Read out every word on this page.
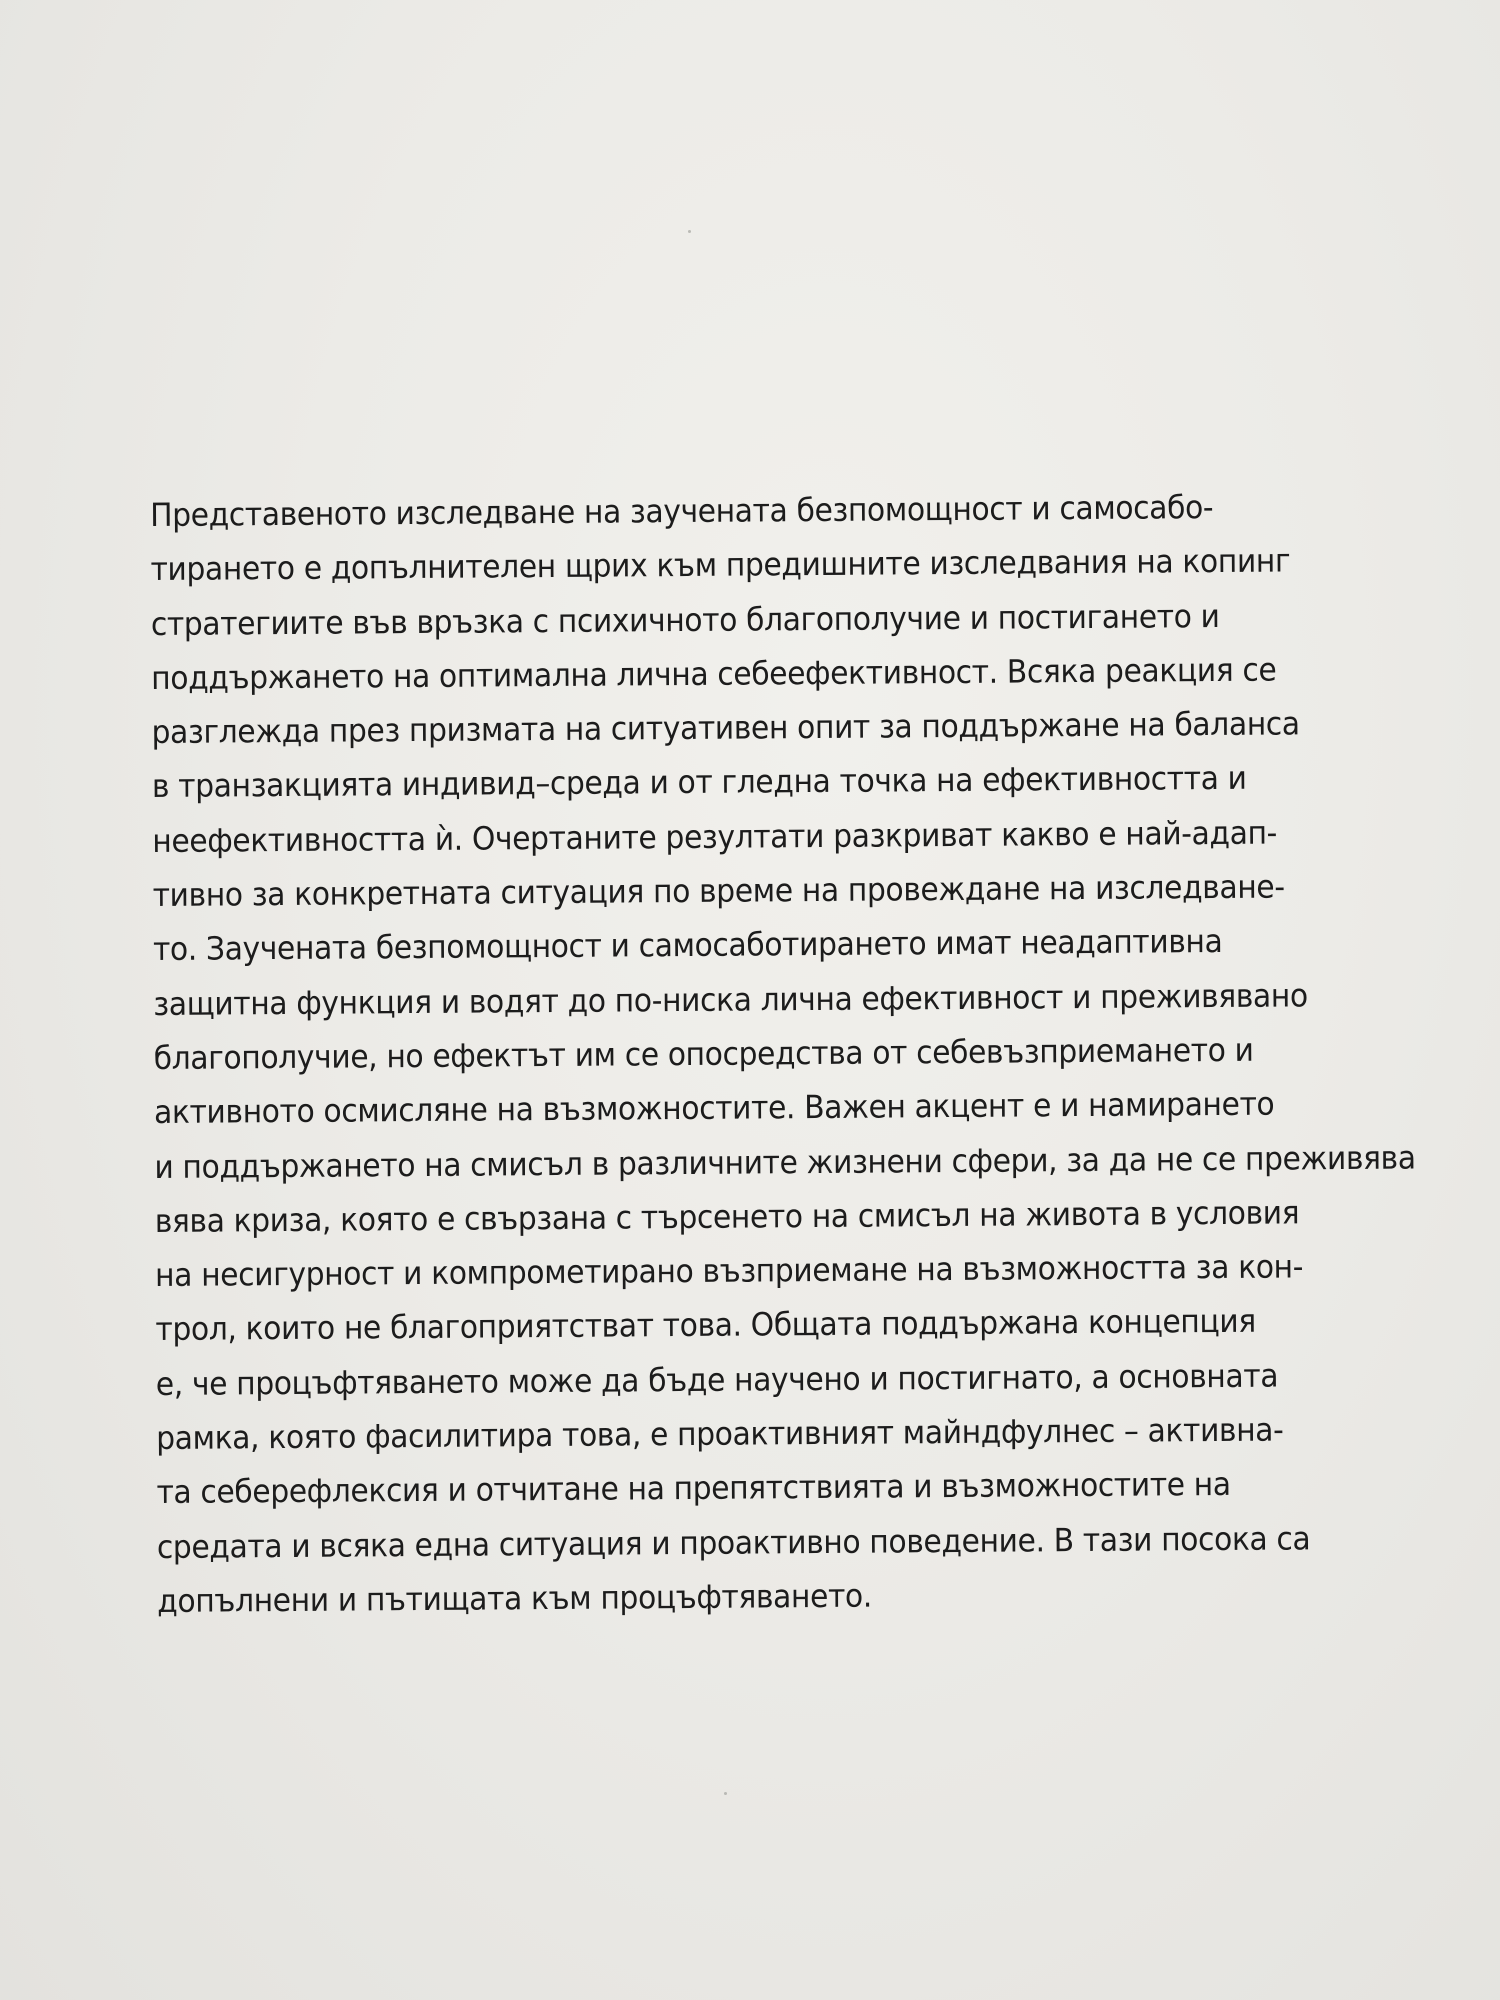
Представеното изследване на заучената безпомощност и самосабо-
тирането е допълнителен щрих към предишните изследвания на копинг
стратегиите във връзка с психичното благополучие и постигането и
поддържането на оптимална лична себеефективност. Всяка реакция се
разглежда през призмата на ситуативен опит за поддържане на баланса
в транзакцията индивид–среда и от гледна точка на ефективността и
неефективността ѝ. Очертаните резултати разкриват какво е най-адап-
тивно за конкретната ситуация по време на провеждане на изследване-
то. Заучената безпомощност и самосаботирането имат неадаптивна
защитна функция и водят до по-ниска лична ефективност и преживявано
благополучие, но ефектът им се опосредства от себевъзприемането и
активното осмисляне на възможностите. Важен акцент е и намирането
и поддържането на смисъл в различните жизнени сфери, за да не се преживява
вява криза, която е свързана с търсенето на смисъл на живота в условия
на несигурност и компрометирано възприемане на възможността за кон-
трол, които не благоприятстват това. Общата поддържана концепция
е, че процъфтяването може да бъде научено и постигнато, а основната
рамка, която фасилитира това, е проактивният майндфулнес – активна-
та себерефлексия и отчитане на препятствията и възможностите на
средата и всяка една ситуация и проактивно поведение. В тази посока са
допълнени и пътищата към процъфтяването.
